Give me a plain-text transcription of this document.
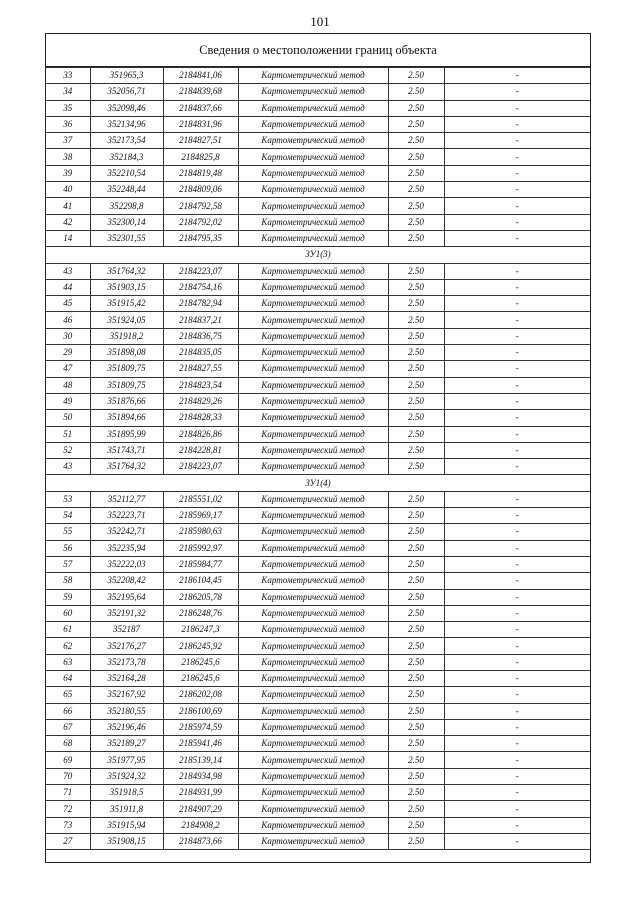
101
Сведения о местоположении границ объекта
33	351965,3	2184841,06	Картометрический метод	2.50	-
34	352056,71	2184839,68	Картометрический метод	2.50	-
35	352098,46	2184837,66	Картометрический метод	2.50	-
36	352134,96	2184831,96	Картометрический метод	2.50	-
37	352173,54	2184827,51	Картометрический метод	2.50	-
38	352184,3	2184825,8	Картометрический метод	2.50	-
39	352210,54	2184819,48	Картометрический метод	2.50	-
40	352248,44	2184809,06	Картометрический метод	2.50	-
41	352298,8	2184792,58	Картометрический метод	2.50	-
42	352300,14	2184792,02	Картометрический метод	2.50	-
14	352301,55	2184795,35	Картометрический метод	2.50	-
ЗУ1(3)					
43	351764,32	2184223,07	Картометрический метод	2.50	-
44	351903,15	2184754,16	Картометрический метод	2.50	-
45	351915,42	2184782,94	Картометрический метод	2.50	-
46	351924,05	2184837,21	Картометрический метод	2.50	-
30	351918,2	2184836,75	Картометрический метод	2.50	-
29	351898,08	2184835,05	Картометрический метод	2.50	-
47	351809,75	2184827,55	Картометрический метод	2.50	-
48	351809,75	2184823,54	Картометрический метод	2.50	-
49	351876,66	2184829,26	Картометрический метод	2.50	-
50	351894,66	2184828,33	Картометрический метод	2.50	-
51	351895,99	2184826,86	Картометрический метод	2.50	-
52	351743,71	2184228,81	Картометрический метод	2.50	-
43	351764,32	2184223,07	Картометрический метод	2.50	-
ЗУ1(4)					
53	352112,77	2185551,02	Картометрический метод	2.50	-
54	352223,71	2185969,17	Картометрический метод	2.50	-
55	352242,71	2185980,63	Картометрический метод	2.50	-
56	352235,94	2185992,97	Картометрический метод	2.50	-
57	352222,03	2185984,77	Картометрический метод	2.50	-
58	352208,42	2186104,45	Картометрический метод	2.50	-
59	352195,64	2186205,78	Картометрический метод	2.50	-
60	352191,32	2186248,76	Картометрический метод	2.50	-
61	352187	2186247,3	Картометрический метод	2.50	-
62	352176,27	2186245,92	Картометрический метод	2.50	-
63	352173,78	2186245,6	Картометрический метод	2.50	-
64	352164,28	2186245,6	Картометрический метод	2.50	-
65	352167,92	2186202,08	Картометрический метод	2.50	-
66	352180,55	2186100,69	Картометрический метод	2.50	-
67	352196,46	2185974,59	Картометрический метод	2.50	-
68	352189,27	2185941,46	Картометрический метод	2.50	-
69	351977,95	2185139,14	Картометрический метод	2.50	-
70	351924,32	2184934,98	Картометрический метод	2.50	-
71	351918,5	2184931,99	Картометрический метод	2.50	-
72	351911,8	2184907,29	Картометрический метод	2.50	-
73	351915,94	2184908,2	Картометрический метод	2.50	-
27	351908,15	2184873,66	Картометрический метод	2.50	-
